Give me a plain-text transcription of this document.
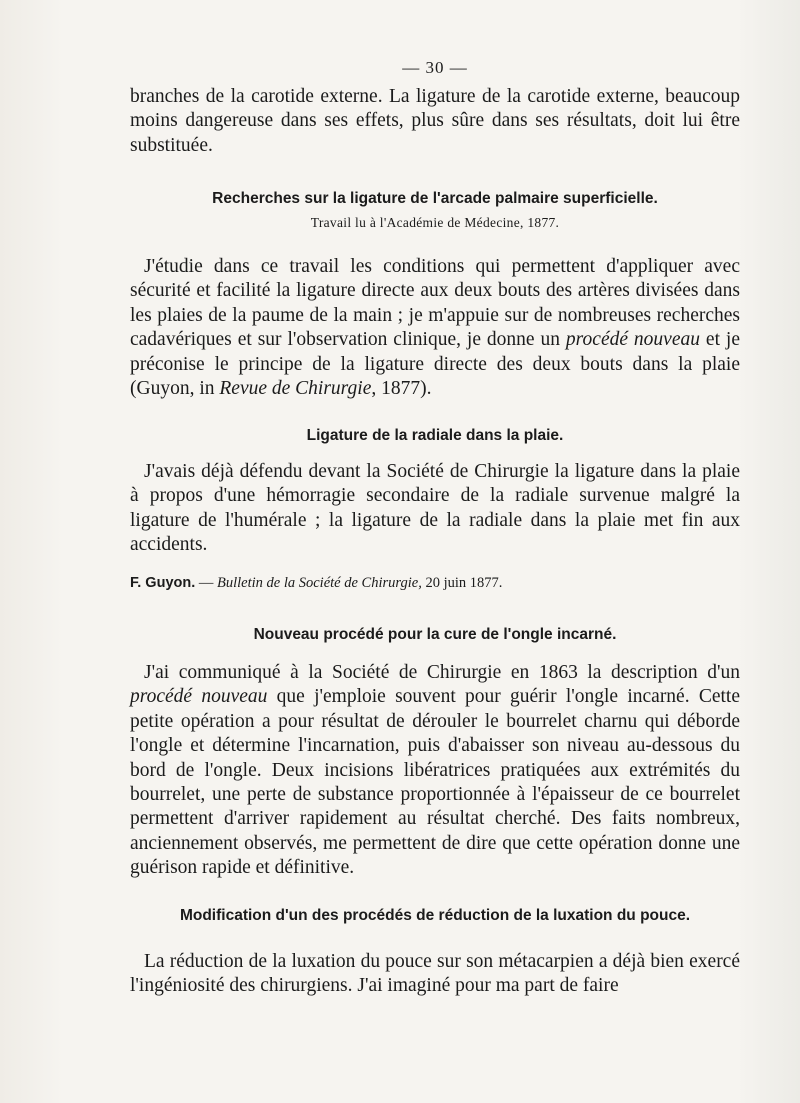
— 30 —

branches de la carotide externe. La ligature de la carotide externe, beaucoup moins dangereuse dans ses effets, plus sûre dans ses résultats, doit lui être substituée.

Recherches sur la ligature de l'arcade palmaire superficielle.
Travail lu à l'Académie de Médecine, 1877.

J'étudie dans ce travail les conditions qui permettent d'appliquer avec sécurité et facilité la ligature directe aux deux bouts des artères divisées dans les plaies de la paume de la main ; je m'appuie sur de nombreuses recherches cadavériques et sur l'observation clinique, je donne un procédé nouveau et je préconise le principe de la ligature directe des deux bouts dans la plaie (Guyon, in Revue de Chirurgie, 1877).

Ligature de la radiale dans la plaie.

J'avais déjà défendu devant la Société de Chirurgie la ligature dans la plaie à propos d'une hémorragie secondaire de la radiale survenue malgré la ligature de l'humérale ; la ligature de la radiale dans la plaie met fin aux accidents.

F. Guyon. — Bulletin de la Société de Chirurgie, 20 juin 1877.
Nouveau procédé pour la cure de l'ongle incarné.

J'ai communiqué à la Société de Chirurgie en 1863 la description d'un procédé nouveau que j'emploie souvent pour guérir l'ongle incarné. Cette petite opération a pour résultat de dérouler le bourrelet charnu qui déborde l'ongle et détermine l'incarnation, puis d'abaisser son niveau au-dessous du bord de l'ongle. Deux incisions libératrices pratiquées aux extrémités du bourrelet, une perte de substance proportionnée à l'épaisseur de ce bourrelet permettent d'arriver rapidement au résultat cherché. Des faits nombreux, anciennement observés, me permettent de dire que cette opération donne une guérison rapide et définitive.

Modification d'un des procédés de réduction de la luxation du pouce.

La réduction de la luxation du pouce sur son métacarpien a déjà bien exercé l'ingéniosité des chirurgiens. J'ai imaginé pour ma part de faire
